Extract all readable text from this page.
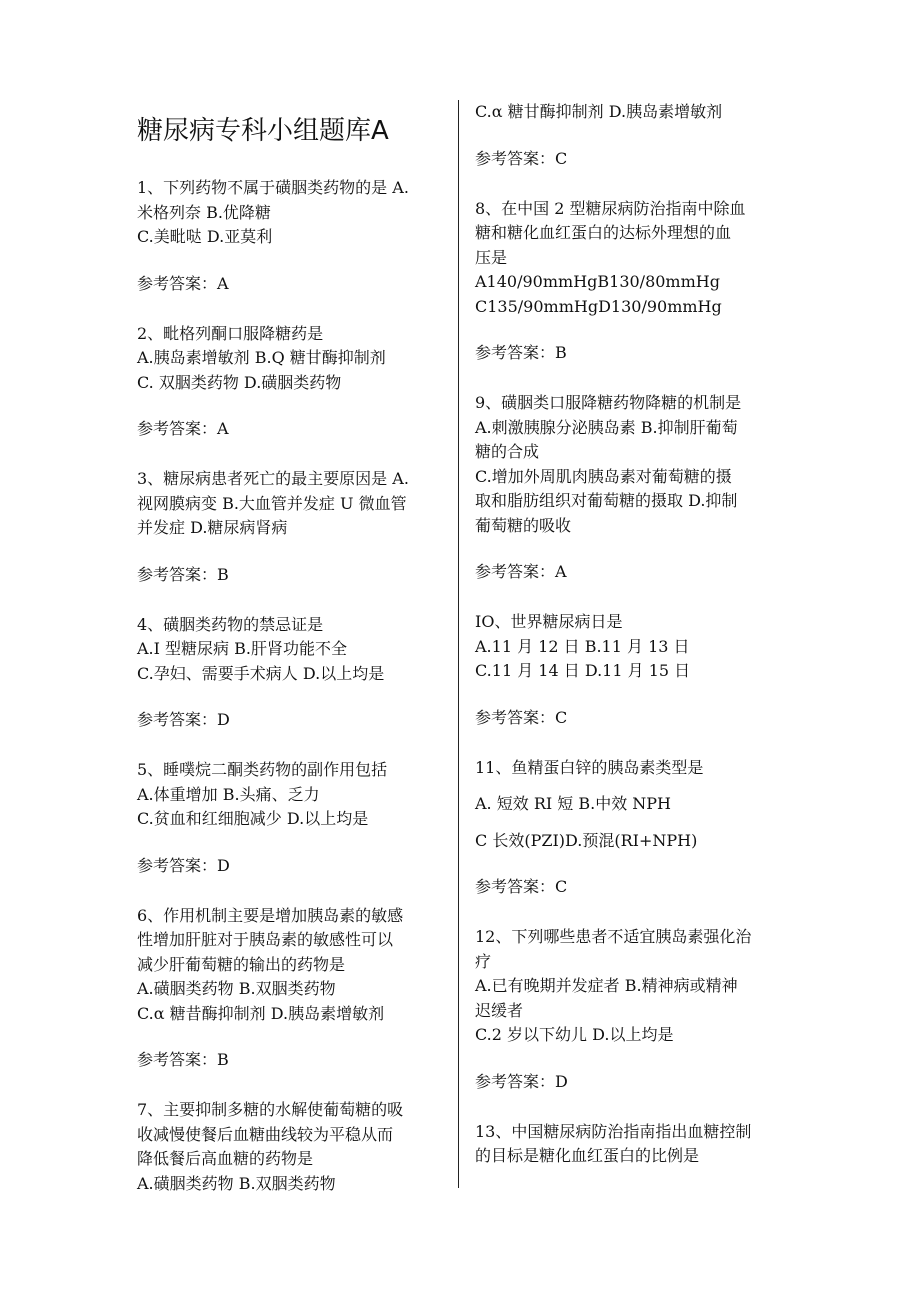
糖尿病专科小组题库A
1、下列药物不属于磺胭类药物的是 A.
米格列奈 B.优降糖
C.美毗哒 D.亚莫利
参考答案：A
2、毗格列酮口服降糖药是
A.胰岛素增敏剂 B.Q 糖甘酶抑制剂
C. 双胭类药物 D.磺胭类药物
参考答案：A
3、糖尿病患者死亡的最主要原因是 A.
视网膜病变 B.大血管并发症 U 微血管
并发症 D.糖尿病肾病
参考答案：B
4、磺胭类药物的禁忌证是
A.I 型糖尿病 B.肝肾功能不全
C.孕妇、需要手术病人 D.以上均是
参考答案：D
5、睡噗烷二酮类药物的副作用包括
A.体重增加 B.头痛、乏力
C.贫血和红细胞减少 D.以上均是
参考答案：D
6、作用机制主要是增加胰岛素的敏感
性增加肝脏对于胰岛素的敏感性可以
减少肝葡萄糖的输出的药物是
A.磺胭类药物 B.双胭类药物
C.α 糖昔酶抑制剂 D.胰岛素增敏剂
参考答案：B
7、主要抑制多糖的水解使葡萄糖的吸
收减慢使餐后血糖曲线较为平稳从而
降低餐后高血糖的药物是
A.磺胭类药物 B.双胭类药物
C.α 糖甘酶抑制剂 D.胰岛素增敏剂
参考答案：C
8、在中国 2 型糖尿病防治指南中除血
糖和糖化血红蛋白的达标外理想的血
压是
A140∕90mmHgB130∕80mmHg
C135∕90mmHgD130∕90mmHg
参考答案：B
9、磺胭类口服降糖药物降糖的机制是
A.刺激胰腺分泌胰岛素 B.抑制肝葡萄
糖的合成
C.增加外周肌肉胰岛素对葡萄糖的摄
取和脂肪组织对葡萄糖的摄取 D.抑制
葡萄糖的吸收
参考答案：A
IO、世界糖尿病日是
A.11 月 12 日 B.11 月 13 日
C.11 月 14 日 D.11 月 15 日
参考答案：C
11、鱼精蛋白锌的胰岛素类型是
A. 短效 RI 短 B.中效 NPH
C 长效(PZI)D.预混(RI+NPH)
参考答案：C
12、下列哪些患者不适宜胰岛素强化治
疗
A.已有晚期并发症者 B.精神病或精神
迟缓者
C.2 岁以下幼儿 D.以上均是
参考答案：D
13、中国糖尿病防治指南指出血糖控制
的目标是糖化血红蛋白的比例是
